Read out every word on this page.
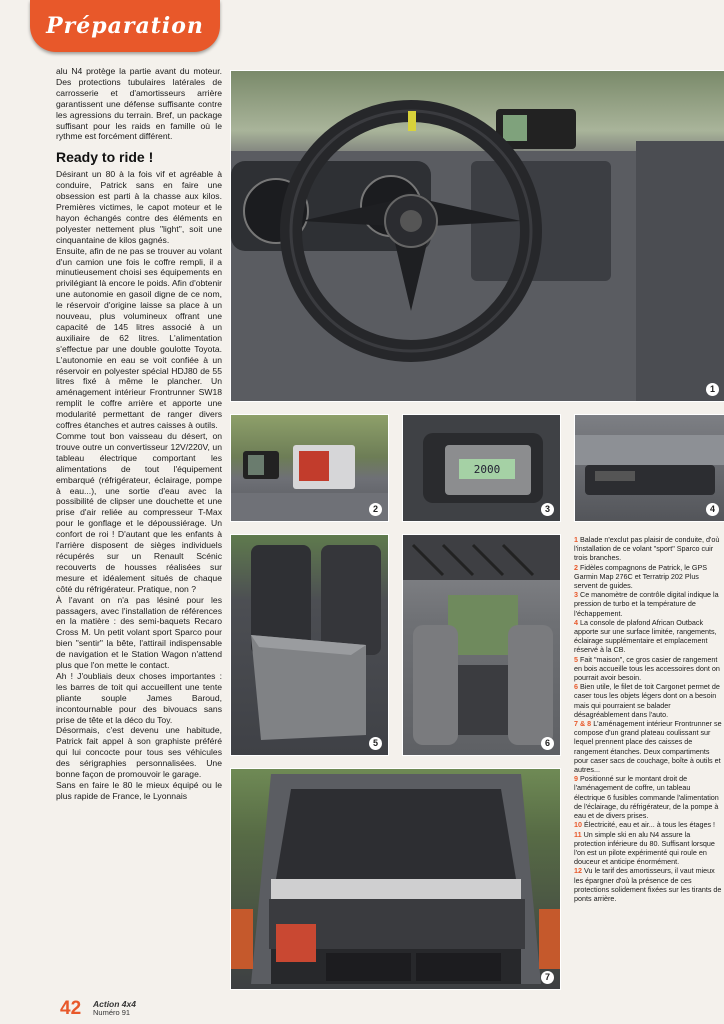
Préparation

alu N4 protège la partie avant du moteur. Des protections tubulaires latérales de carrosserie et d'amortisseurs arrière garantissent une défense suffisante contre les agressions du terrain. Bref, un package suffisant pour les raids en famille où le rythme est forcément différent.

Ready to ride !

Désirant un 80 à la fois vif et agréable à conduire, Patrick sans en faire une obsession est parti à la chasse aux kilos. Premières victimes, le capot moteur et le hayon échangés contre des éléments en polyester nettement plus "light", soit une cinquantaine de kilos gagnés.

Ensuite, afin de ne pas se trouver au volant d'un camion une fois le coffre rempli, il a minutieusement choisi ses équipements en privilégiant là encore le poids. Afin d'obtenir une autonomie en gasoil digne de ce nom, le réservoir d'origine laisse sa place à un nouveau, plus volumineux offrant une capacité de 145 litres associé à un auxiliaire de 62 litres. L'alimentation s'effectue par une double goulotte Toyota. L'autonomie en eau se voit confiée à un réservoir en polyester spécial HDJ80 de 55 litres fixé à même le plancher. Un aménagement intérieur Frontrunner SW18 remplit le coffre arrière et apporte une modularité permettant de ranger divers coffres étanches et autres caisses à outils.

Comme tout bon vaisseau du désert, on trouve outre un convertisseur 12V/220V, un tableau électrique comportant les alimentations de tout l'équipement embarqué (réfrigérateur, éclairage, pompe à eau...), une sortie d'eau avec la possibilité de clipser une douchette et une prise d'air reliée au compresseur T-Max pour le gonflage et le dépoussiérage. Un confort de roi ! D'autant que les enfants à l'arrière disposent de sièges individuels récupérés sur un Renault Scénic recouverts de housses réalisées sur mesure et idéalement situés de chaque côté du réfrigérateur. Pratique, non ?

À l'avant on n'a pas lésiné pour les passagers, avec l'installation de références en la matière : des semi-baquets Recaro Cross M. Un petit volant sport Sparco pour bien "sentir" la bête, l'attirail indispensable de navigation et le Station Wagon n'attend plus que l'on mette le contact.

Ah ! J'oubliais deux choses importantes : les barres de toit qui accueillent une tente pliante souple James Baroud, incontournable pour des bivouacs sans prise de tête et la déco du Toy.

Désormais, c'est devenu une habitude, Patrick fait appel à son graphiste préféré qui lui concocte pour tous ses véhicules des sérigraphies personnalisées. Une bonne façon de promouvoir le garage.

Sans en faire le 80 le mieux équipé ou le plus rapide de France, le Lyonnais

1
2
2000
3	4
5	6
7

1 Balade n'exclut pas plaisir de conduite, d'où l'installation de ce volant "sport" Sparco cuir trois branches.

2 Fidèles compagnons de Patrick, le GPS Garmin Map 276C et Terratrip 202 Plus servent de guides.

3 Ce manomètre de contrôle digital indique la pression de turbo et la température de l'échappement.

4 La console de plafond African Outback apporte sur une surface limitée, rangements, éclairage supplémentaire et emplacement réservé à la CB.

5 Fait "maison", ce gros casier de rangement en bois accueille tous les accessoires dont on pourrait avoir besoin.

6 Bien utile, le filet de toit Cargonet permet de caser tous les objets légers dont on a besoin mais qui pourraient se balader désagréablement dans l'auto.

7 & 8 L'aménagement intérieur Frontrunner se compose d'un grand plateau coulissant sur lequel prennent place des caisses de rangement étanches. Deux compartiments pour caser sacs de couchage, boîte à outils et autres...

9 Positionné sur le montant droit de l'aménagement de coffre, un tableau électrique 6 fusibles commande l'alimentation de l'éclairage, du réfrigérateur, de la pompe à eau et de divers prises.

10 Électricité, eau et air... à tous les étages !

11 Un simple ski en alu N4 assure la protection inférieure du 80. Suffisant lorsque l'on est un pilote expérimenté qui roule en douceur et anticipe énormément.

12 Vu le tarif des amortisseurs, il vaut mieux les épargner d'où la présence de ces protections solidement fixées sur les tirants de ponts arrière.

42 Action 4x4
Numéro 91
